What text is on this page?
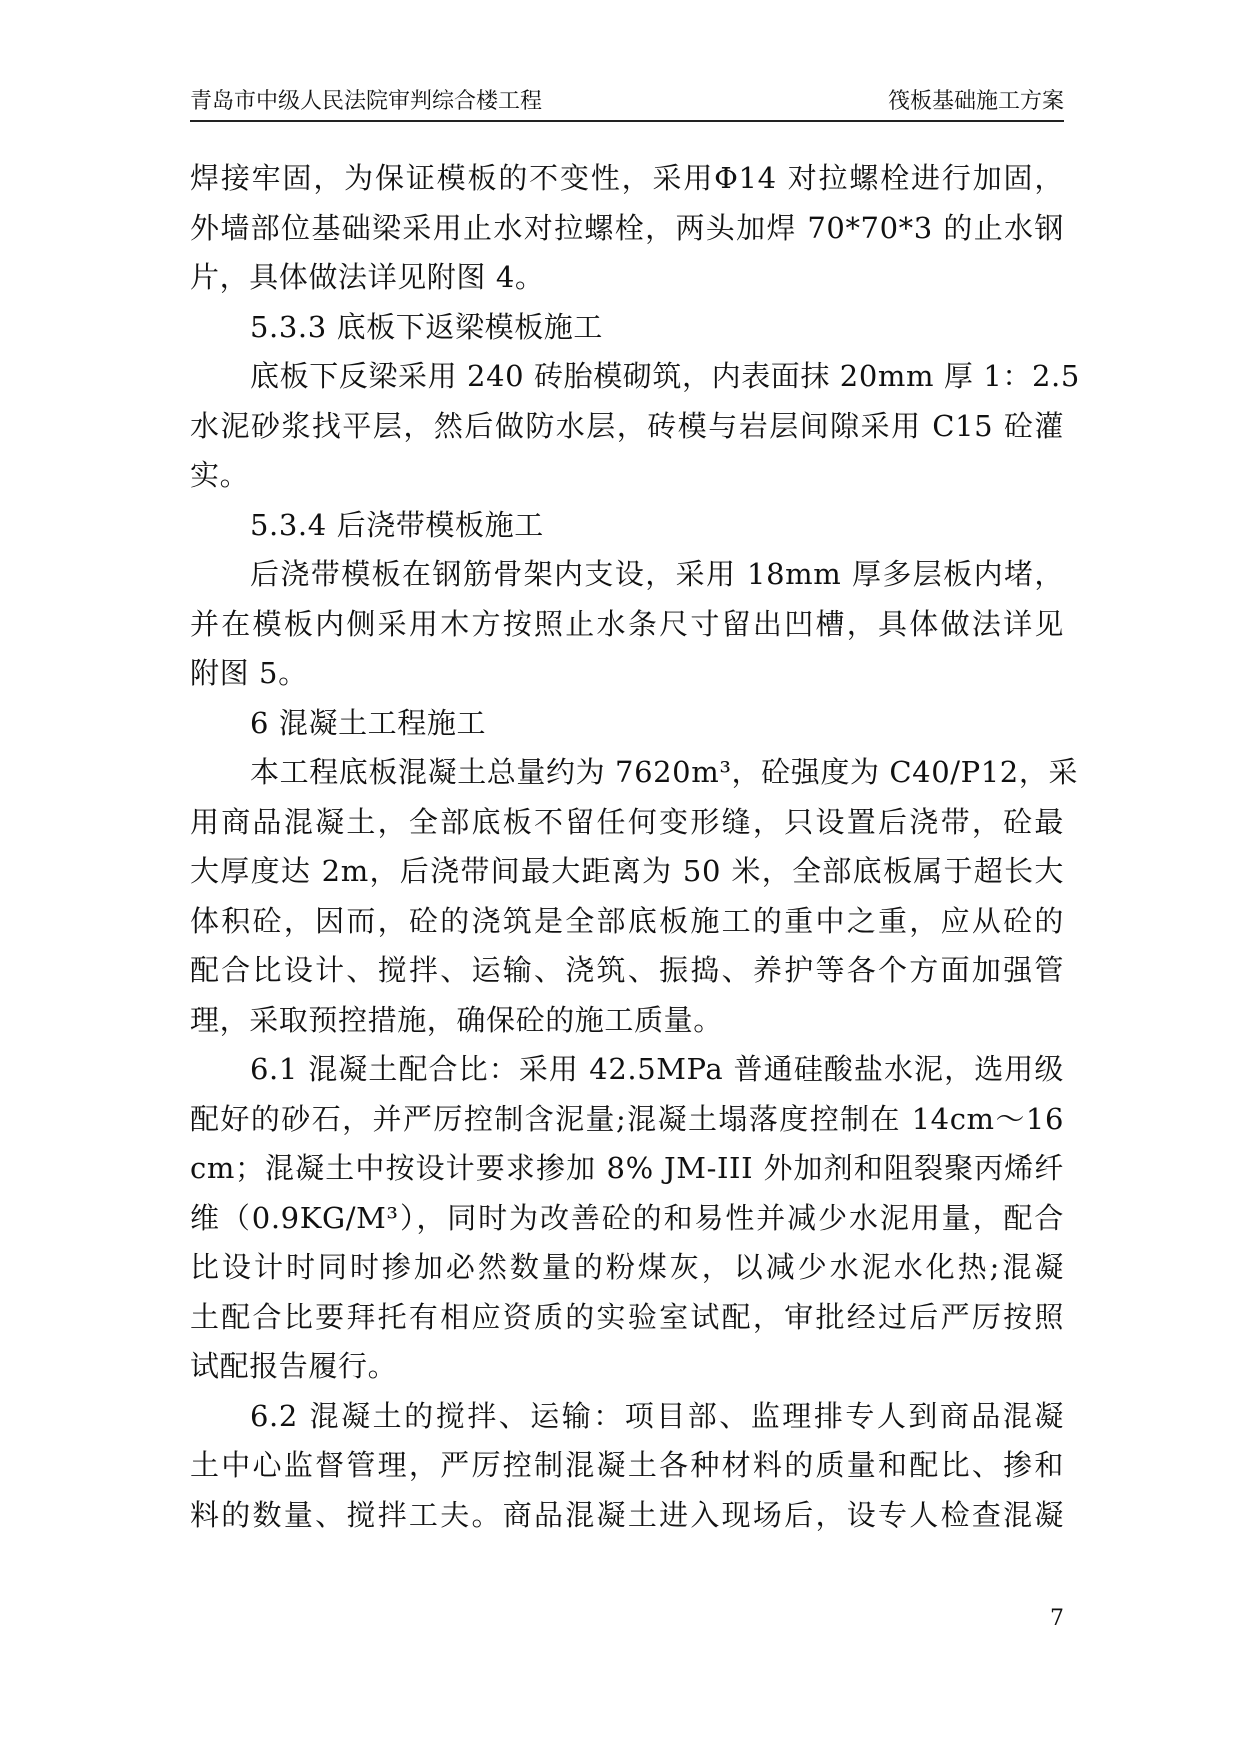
青岛市中级人民法院审判综合楼工程	筏板基础施工方案
焊接牢固，为保证模板的不变性，采用Φ14 对拉螺栓进行加固，
外墙部位基础梁采用止水对拉螺栓，两头加焊 70*70*3 的止水钢
片，具体做法详见附图 4。
5.3.3 底板下返梁模板施工
底板下反梁采用 240 砖胎模砌筑，内表面抹 20mm 厚 1：2.5
水泥砂浆找平层，然后做防水层，砖模与岩层间隙采用 C15 砼灌
实。
5.3.4 后浇带模板施工
后浇带模板在钢筋骨架内支设，采用 18mm 厚多层板内堵，
并在模板内侧采用木方按照止水条尺寸留出凹槽，具体做法详见
附图 5。
6 混凝土工程施工
本工程底板混凝土总量约为 7620m³，砼强度为 C40/P12，采
用商品混凝土，全部底板不留任何变形缝，只设置后浇带，砼最
大厚度达 2m，后浇带间最大距离为 50 米，全部底板属于超长大
体积砼，因而，砼的浇筑是全部底板施工的重中之重，应从砼的
配合比设计、搅拌、运输、浇筑、振捣、养护等各个方面加强管
理，采取预控措施，确保砼的施工质量。
6.1 混凝土配合比：采用 42.5MPa 普通硅酸盐水泥，选用级
配好的砂石，并严厉控制含泥量;混凝土塌落度控制在 14cm～16
cm；混凝土中按设计要求掺加 8% JM-III 外加剂和阻裂聚丙烯纤
维（0.9KG/M³），同时为改善砼的和易性并减少水泥用量，配合
比设计时同时掺加必然数量的粉煤灰，以减少水泥水化热;混凝
土配合比要拜托有相应资质的实验室试配，审批经过后严厉按照
试配报告履行。
6.2 混凝土的搅拌、运输：项目部、监理排专人到商品混凝
土中心监督管理，严厉控制混凝土各种材料的质量和配比、掺和
料的数量、搅拌工夫。商品混凝土进入现场后，设专人检查混凝
7
